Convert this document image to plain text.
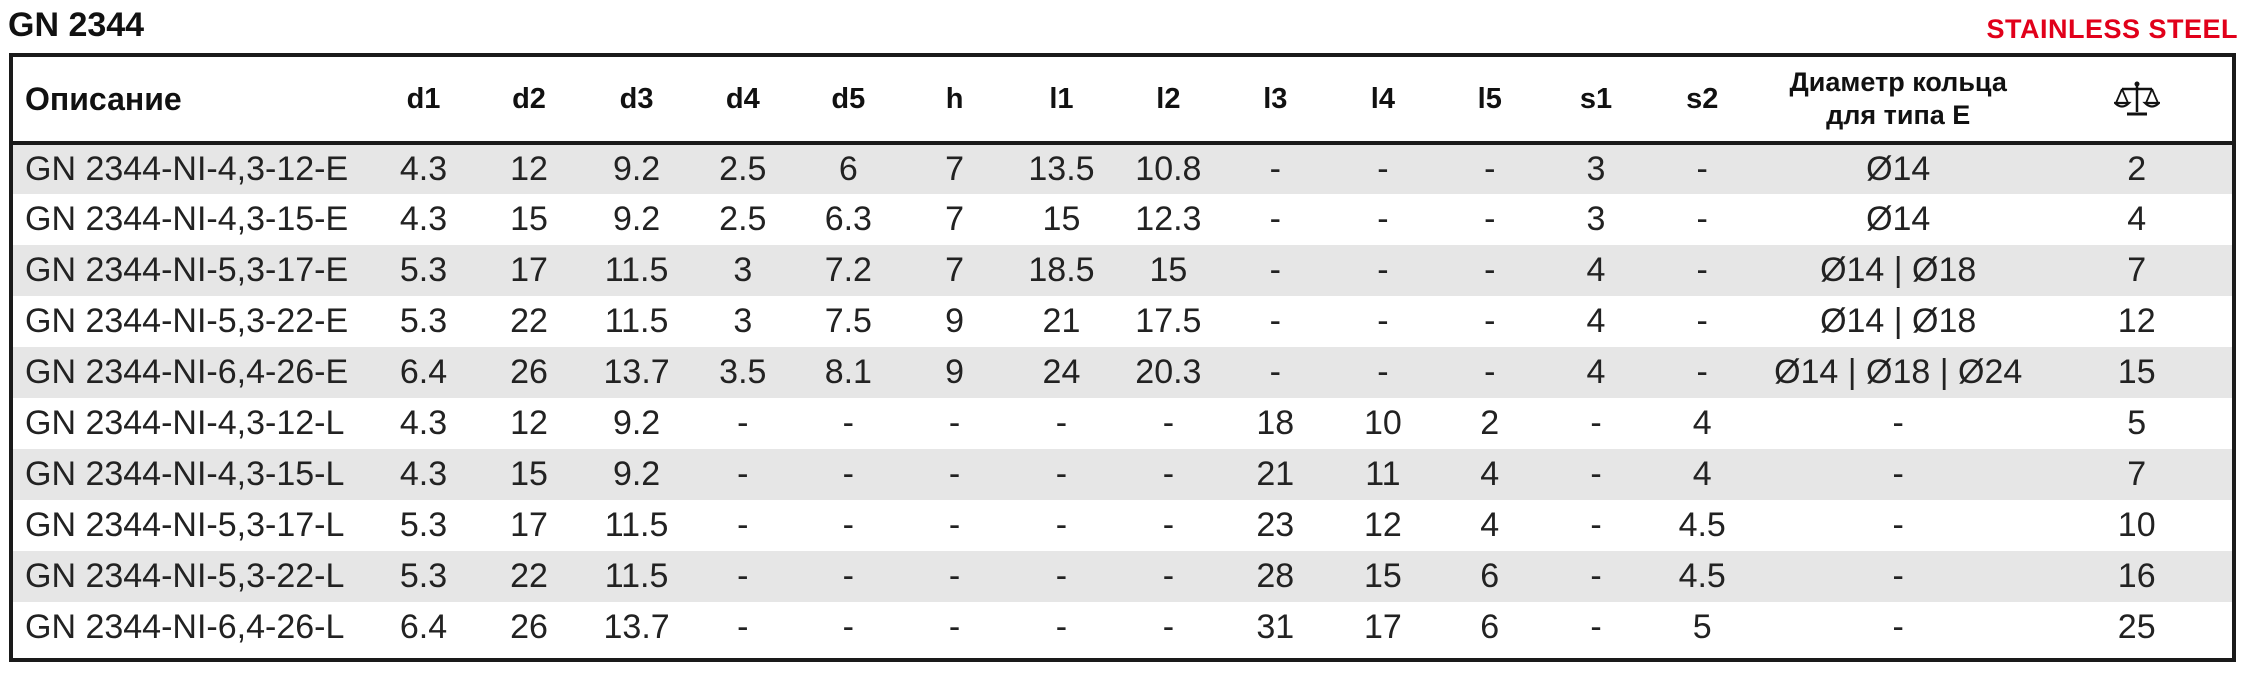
GN 2344	STAINLESS STEEL
Описание	d1	d2	d3	d4	d5	h	l1	l2	l3	l4	l5	s1	s2	Диаметр кольца
для типа E	
GN 2344-NI-4,3-12-E	4.3	12	9.2	2.5	6	7	13.5	10.8	-	-	-	3	-	Ø14	2
GN 2344-NI-4,3-15-E	4.3	15	9.2	2.5	6.3	7	15	12.3	-	-	-	3	-	Ø14	4
GN 2344-NI-5,3-17-E	5.3	17	11.5	3	7.2	7	18.5	15	-	-	-	4	-	Ø14 | Ø18	7
GN 2344-NI-5,3-22-E	5.3	22	11.5	3	7.5	9	21	17.5	-	-	-	4	-	Ø14 | Ø18	12
GN 2344-NI-6,4-26-E	6.4	26	13.7	3.5	8.1	9	24	20.3	-	-	-	4	-	Ø14 | Ø18 | Ø24	15
GN 2344-NI-4,3-12-L	4.3	12	9.2	-	-	-	-	-	18	10	2	-	4	-	5
GN 2344-NI-4,3-15-L	4.3	15	9.2	-	-	-	-	-	21	11	4	-	4	-	7
GN 2344-NI-5,3-17-L	5.3	17	11.5	-	-	-	-	-	23	12	4	-	4.5	-	10
GN 2344-NI-5,3-22-L	5.3	22	11.5	-	-	-	-	-	28	15	6	-	4.5	-	16
GN 2344-NI-6,4-26-L	6.4	26	13.7	-	-	-	-	-	31	17	6	-	5	-	25
